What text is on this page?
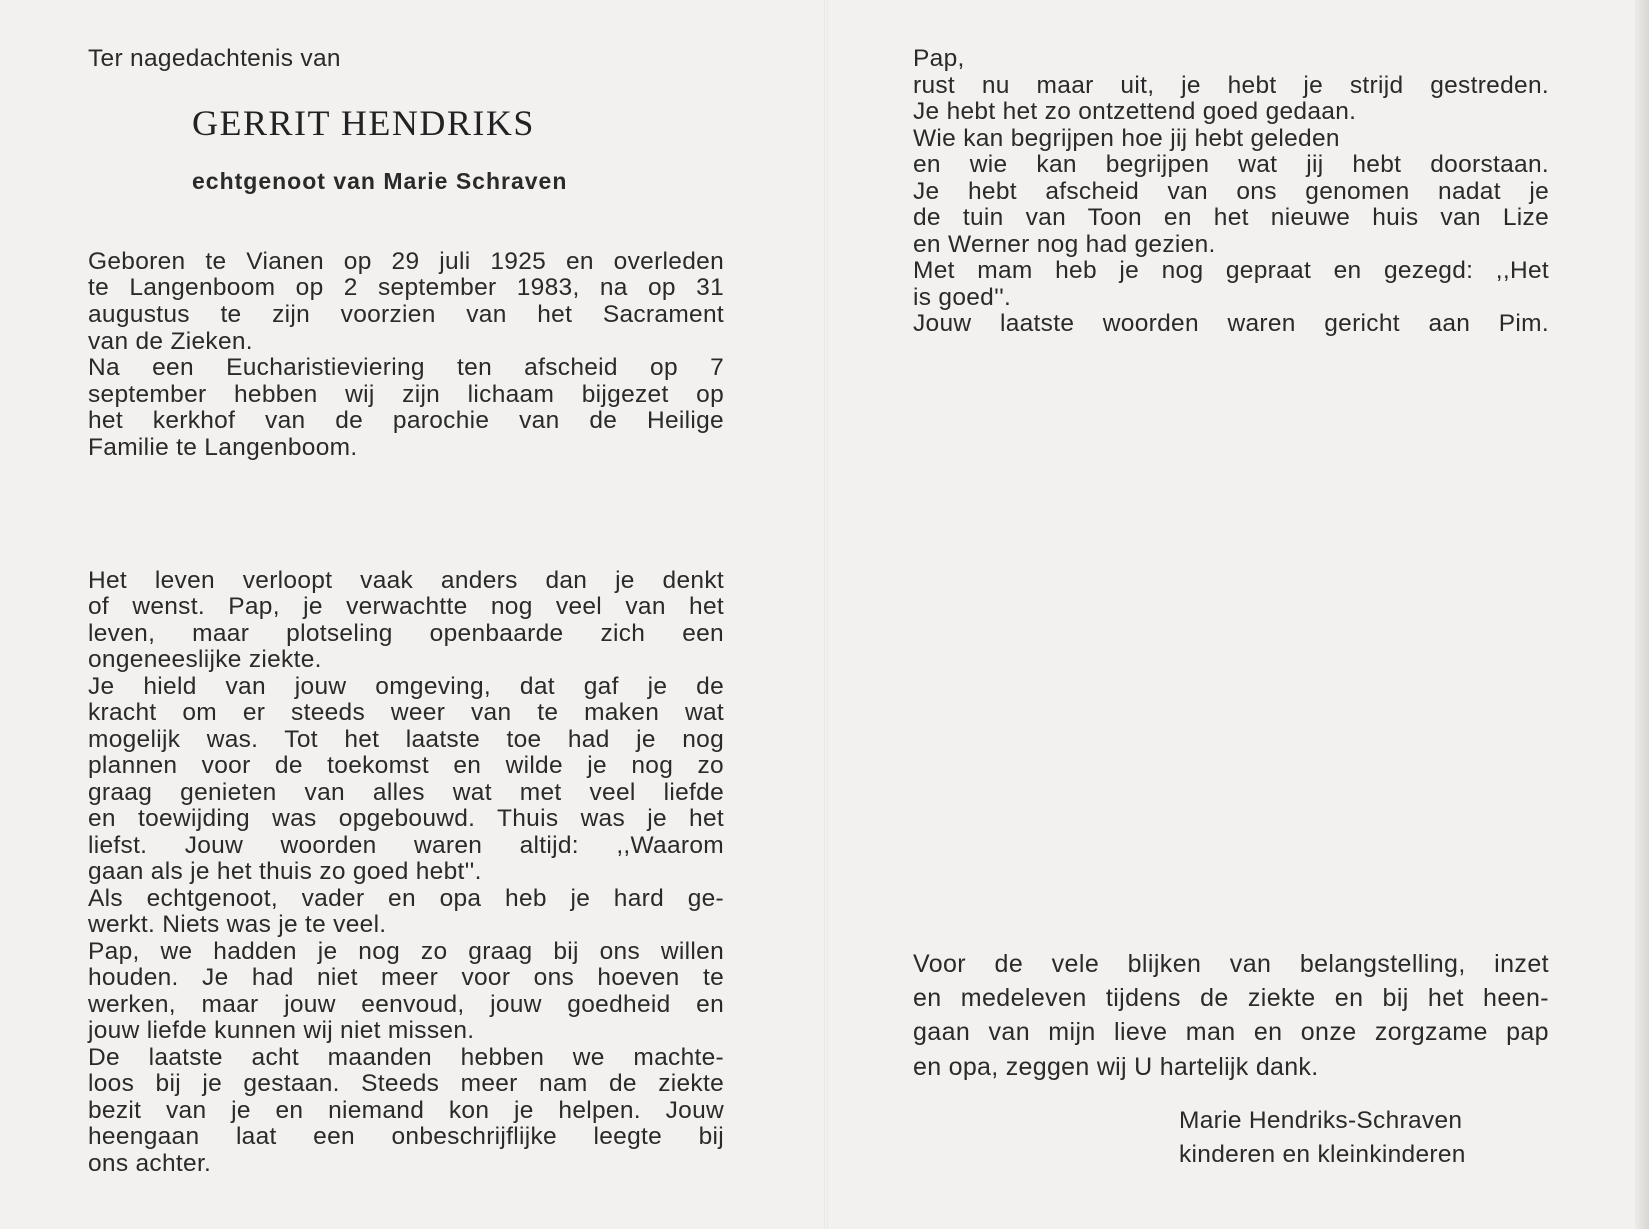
Ter nagedachtenis van
GERRIT HENDRIKS
echtgenoot van Marie Schraven
Geboren te Vianen op 29 juli 1925 en overleden
te Langenboom op 2 september 1983, na op 31
augustus te zijn voorzien van het Sacrament
van de Zieken.
Na een Eucharistieviering ten afscheid op 7
september hebben wij zijn lichaam bijgezet op
het kerkhof van de parochie van de Heilige
Familie te Langenboom.
Het leven verloopt vaak anders dan je denkt
of wenst. Pap, je verwachtte nog veel van het
leven, maar plotseling openbaarde zich een
ongeneeslijke ziekte.
Je hield van jouw omgeving, dat gaf je de
kracht om er steeds weer van te maken wat
mogelijk was. Tot het laatste toe had je nog
plannen voor de toekomst en wilde je nog zo
graag genieten van alles wat met veel liefde
en toewijding was opgebouwd. Thuis was je het
liefst. Jouw woorden waren altijd: ,,Waarom
gaan als je het thuis zo goed hebt''.
Als echtgenoot, vader en opa heb je hard ge-
werkt. Niets was je te veel.
Pap, we hadden je nog zo graag bij ons willen
houden. Je had niet meer voor ons hoeven te
werken, maar jouw eenvoud, jouw goedheid en
jouw liefde kunnen wij niet missen.
De laatste acht maanden hebben we machte-
loos bij je gestaan. Steeds meer nam de ziekte
bezit van je en niemand kon je helpen. Jouw
heengaan laat een onbeschrijflijke leegte bij
ons achter.
Pap,
rust nu maar uit, je hebt je strijd gestreden.
Je hebt het zo ontzettend goed gedaan.
Wie kan begrijpen hoe jij hebt geleden
en wie kan begrijpen wat jij hebt doorstaan.
Je hebt afscheid van ons genomen nadat je
de tuin van Toon en het nieuwe huis van Lize
en Werner nog had gezien.
Met mam heb je nog gepraat en gezegd: ,,Het
is goed''.
Jouw laatste woorden waren gericht aan Pim.
Voor de vele blijken van belangstelling, inzet
en medeleven tijdens de ziekte en bij het heen-
gaan van mijn lieve man en onze zorgzame pap
en opa, zeggen wij U hartelijk dank.
Marie Hendriks-Schraven
kinderen en kleinkinderen
